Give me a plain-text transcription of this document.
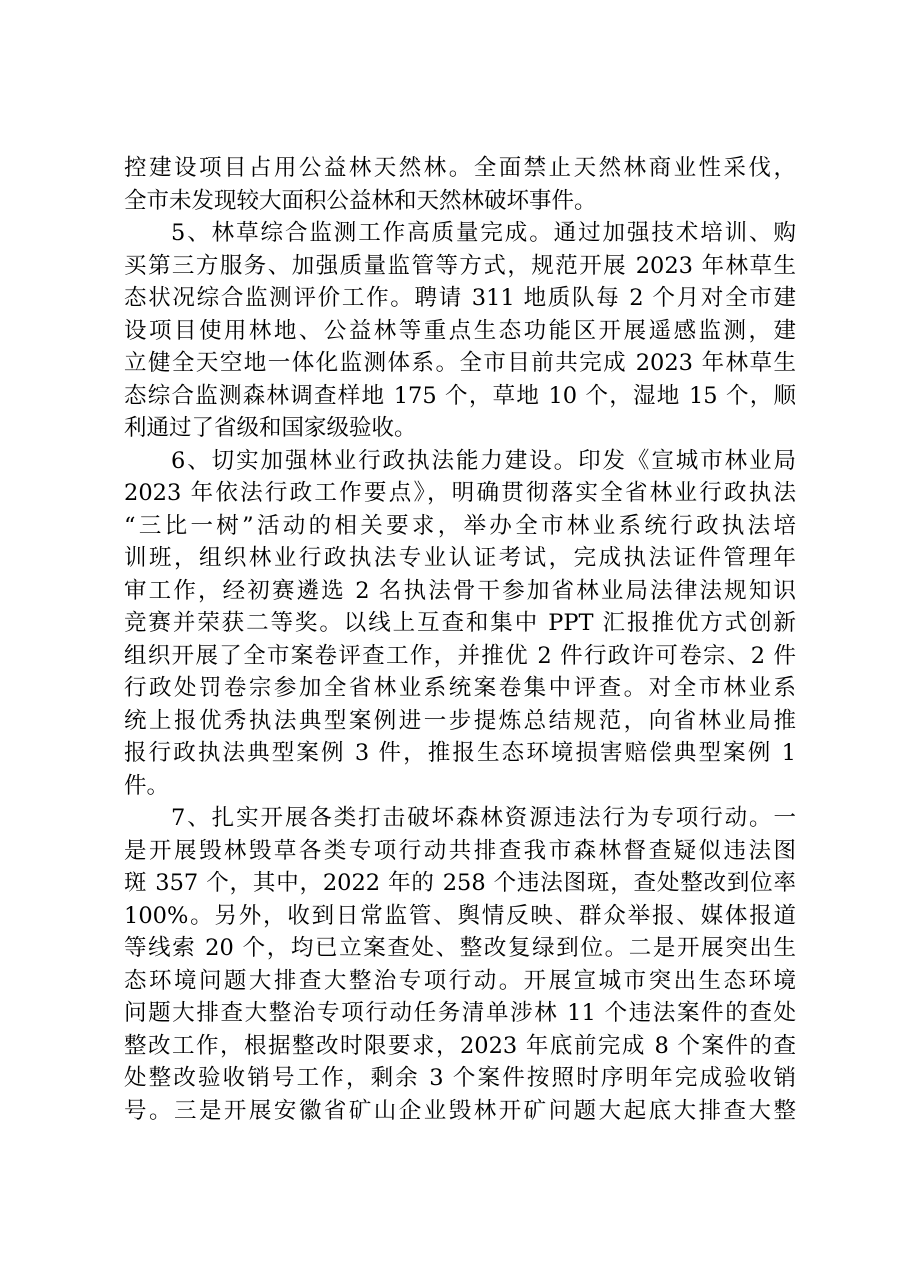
控建设项目占用公益林天然林。全面禁止天然林商业性采伐，
全市未发现较大面积公益林和天然林破坏事件。
5、林草综合监测工作高质量完成。通过加强技术培训、购
买第三方服务、加强质量监管等方式，规范开展 2023 年林草生
态状况综合监测评价工作。聘请 311 地质队每 2 个月对全市建
设项目使用林地、公益林等重点生态功能区开展遥感监测，建
立健全天空地一体化监测体系。全市目前共完成 2023 年林草生
态综合监测森林调查样地 175 个，草地 10 个，湿地 15 个，顺
利通过了省级和国家级验收。
6、切实加强林业行政执法能力建设。印发《宣城市林业局
2023 年依法行政工作要点》，明确贯彻落实全省林业行政执法
“三比一树”活动的相关要求，举办全市林业系统行政执法培
训班，组织林业行政执法专业认证考试，完成执法证件管理年
审工作，经初赛遴选 2 名执法骨干参加省林业局法律法规知识
竞赛并荣获二等奖。以线上互查和集中 PPT 汇报推优方式创新
组织开展了全市案卷评查工作，并推优 2 件行政许可卷宗、2 件
行政处罚卷宗参加全省林业系统案卷集中评查。对全市林业系
统上报优秀执法典型案例进一步提炼总结规范，向省林业局推
报行政执法典型案例 3 件，推报生态环境损害赔偿典型案例 1
件。
7、扎实开展各类打击破坏森林资源违法行为专项行动。一
是开展毁林毁草各类专项行动共排查我市森林督查疑似违法图
斑 357 个，其中，2022 年的 258 个违法图斑，查处整改到位率
100%。另外，收到日常监管、舆情反映、群众举报、媒体报道
等线索 20 个，均已立案查处、整改复绿到位。二是开展突出生
态环境问题大排查大整治专项行动。开展宣城市突出生态环境
问题大排查大整治专项行动任务清单涉林 11 个违法案件的查处
整改工作，根据整改时限要求，2023 年底前完成 8 个案件的查
处整改验收销号工作，剩余 3 个案件按照时序明年完成验收销
号。三是开展安徽省矿山企业毁林开矿问题大起底大排查大整
